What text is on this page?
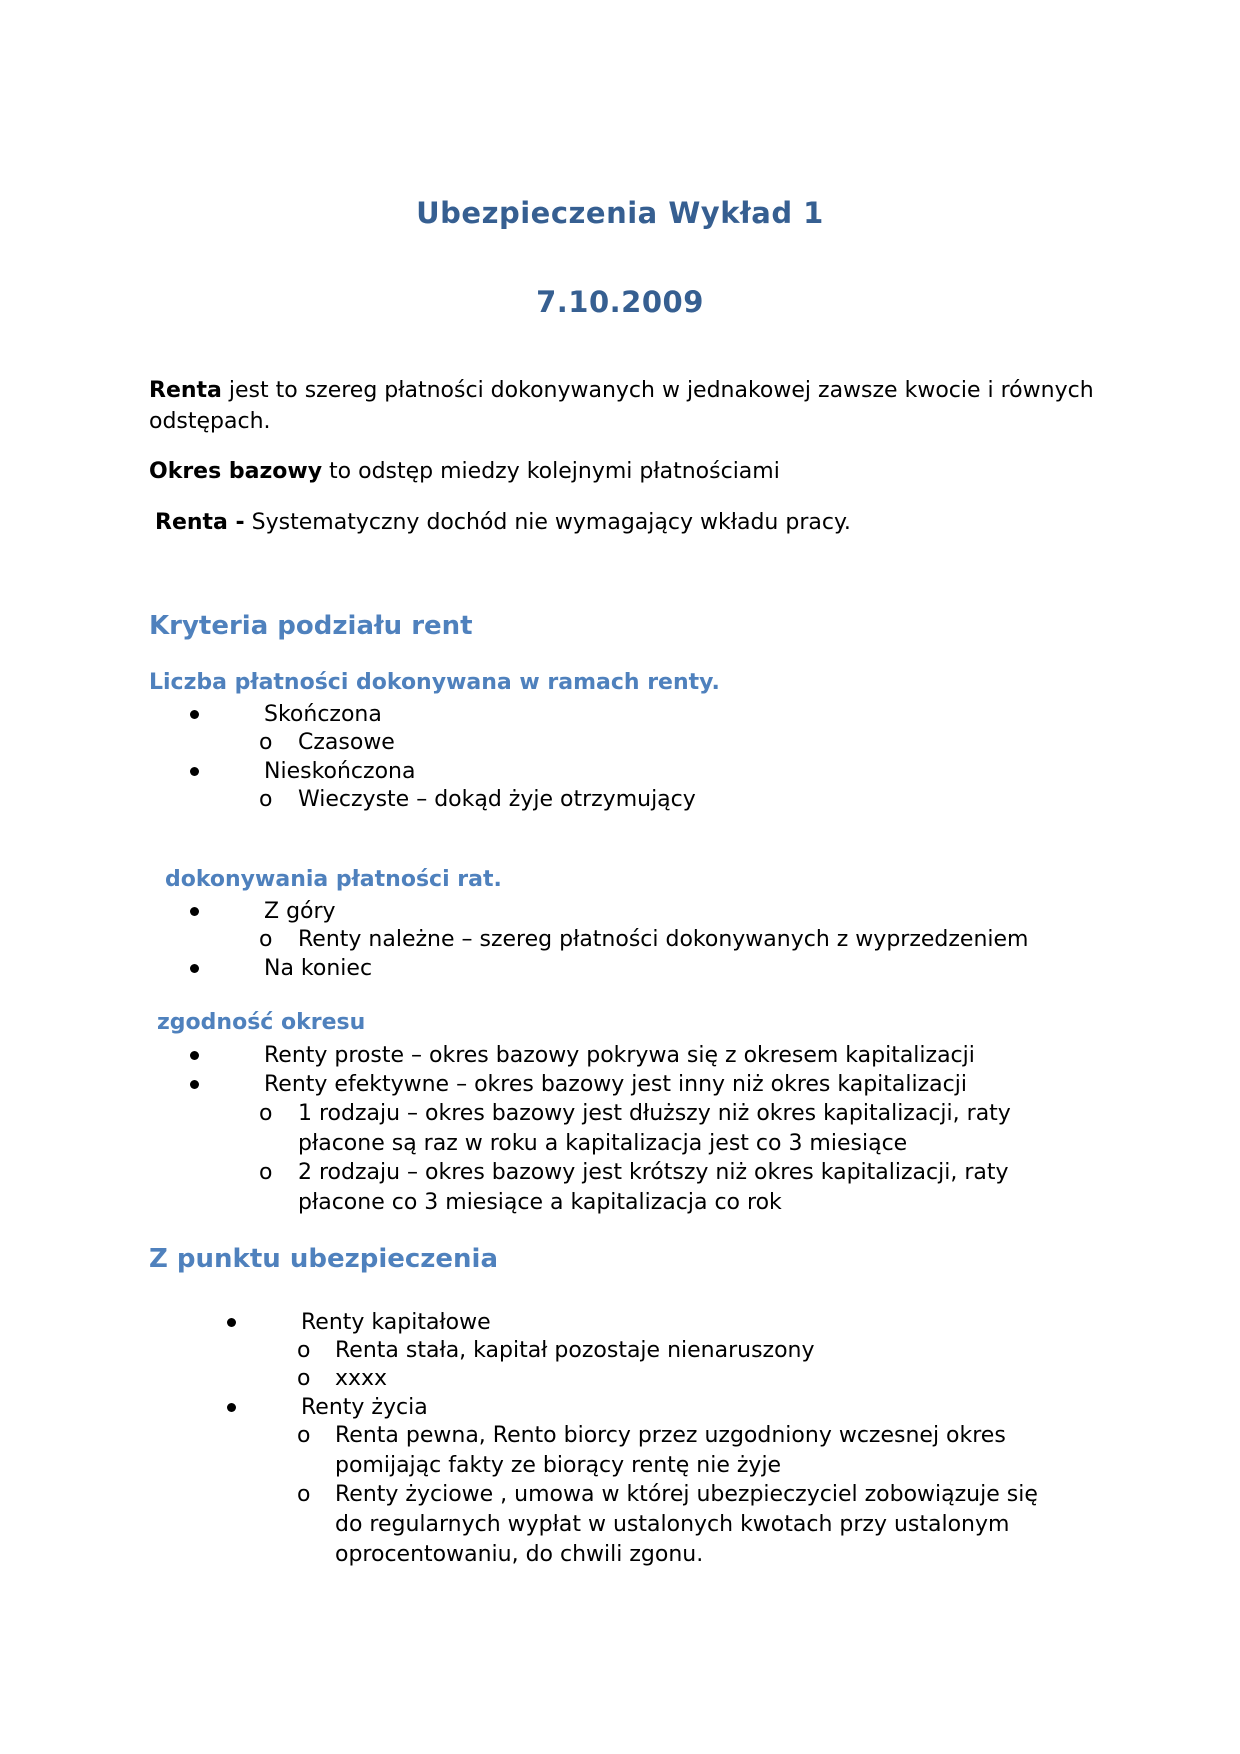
Ubezpieczenia Wykład 1
7.10.2009

Renta jest to szereg płatności dokonywanych w jednakowej zawsze kwocie i równych odstępach.

Okres bazowy to odstęp miedzy kolejnymi płatnościami

Renta - Systematyczny dochód nie wymagający wkładu pracy.

Kryteria podziału rent
Liczba płatności dokonywana w ramach renty.
Skończona
o Czasowe
Nieskończona
o Wieczyste – dokąd żyje otrzymujący
dokonywania płatności rat.
Z góry
o Renty należne – szereg płatności dokonywanych z wyprzedzeniem
Na koniec
zgodność okresu
Renty proste – okres bazowy pokrywa się z okresem kapitalizacji
Renty efektywne – okres bazowy jest inny niż okres kapitalizacji
o 1 rodzaju – okres bazowy jest dłuższy niż okres kapitalizacji, raty płacone są raz w roku a kapitalizacja jest co 3 miesiące
o 2 rodzaju – okres bazowy jest krótszy niż okres kapitalizacji, raty płacone co 3 miesiące a kapitalizacja co rok
Z punktu ubezpieczenia
Renty kapitałowe
o Renta stała, kapitał pozostaje nienaruszony
o xxxx
Renty życia
o Renta pewna, Rento biorcy przez uzgodniony wczesnej okres pomijając fakty ze biorący rentę nie żyje
o Renty życiowe , umowa w której ubezpieczyciel zobowiązuje się do regularnych wypłat w ustalonych kwotach przy ustalonym oprocentowaniu, do chwili zgonu.
